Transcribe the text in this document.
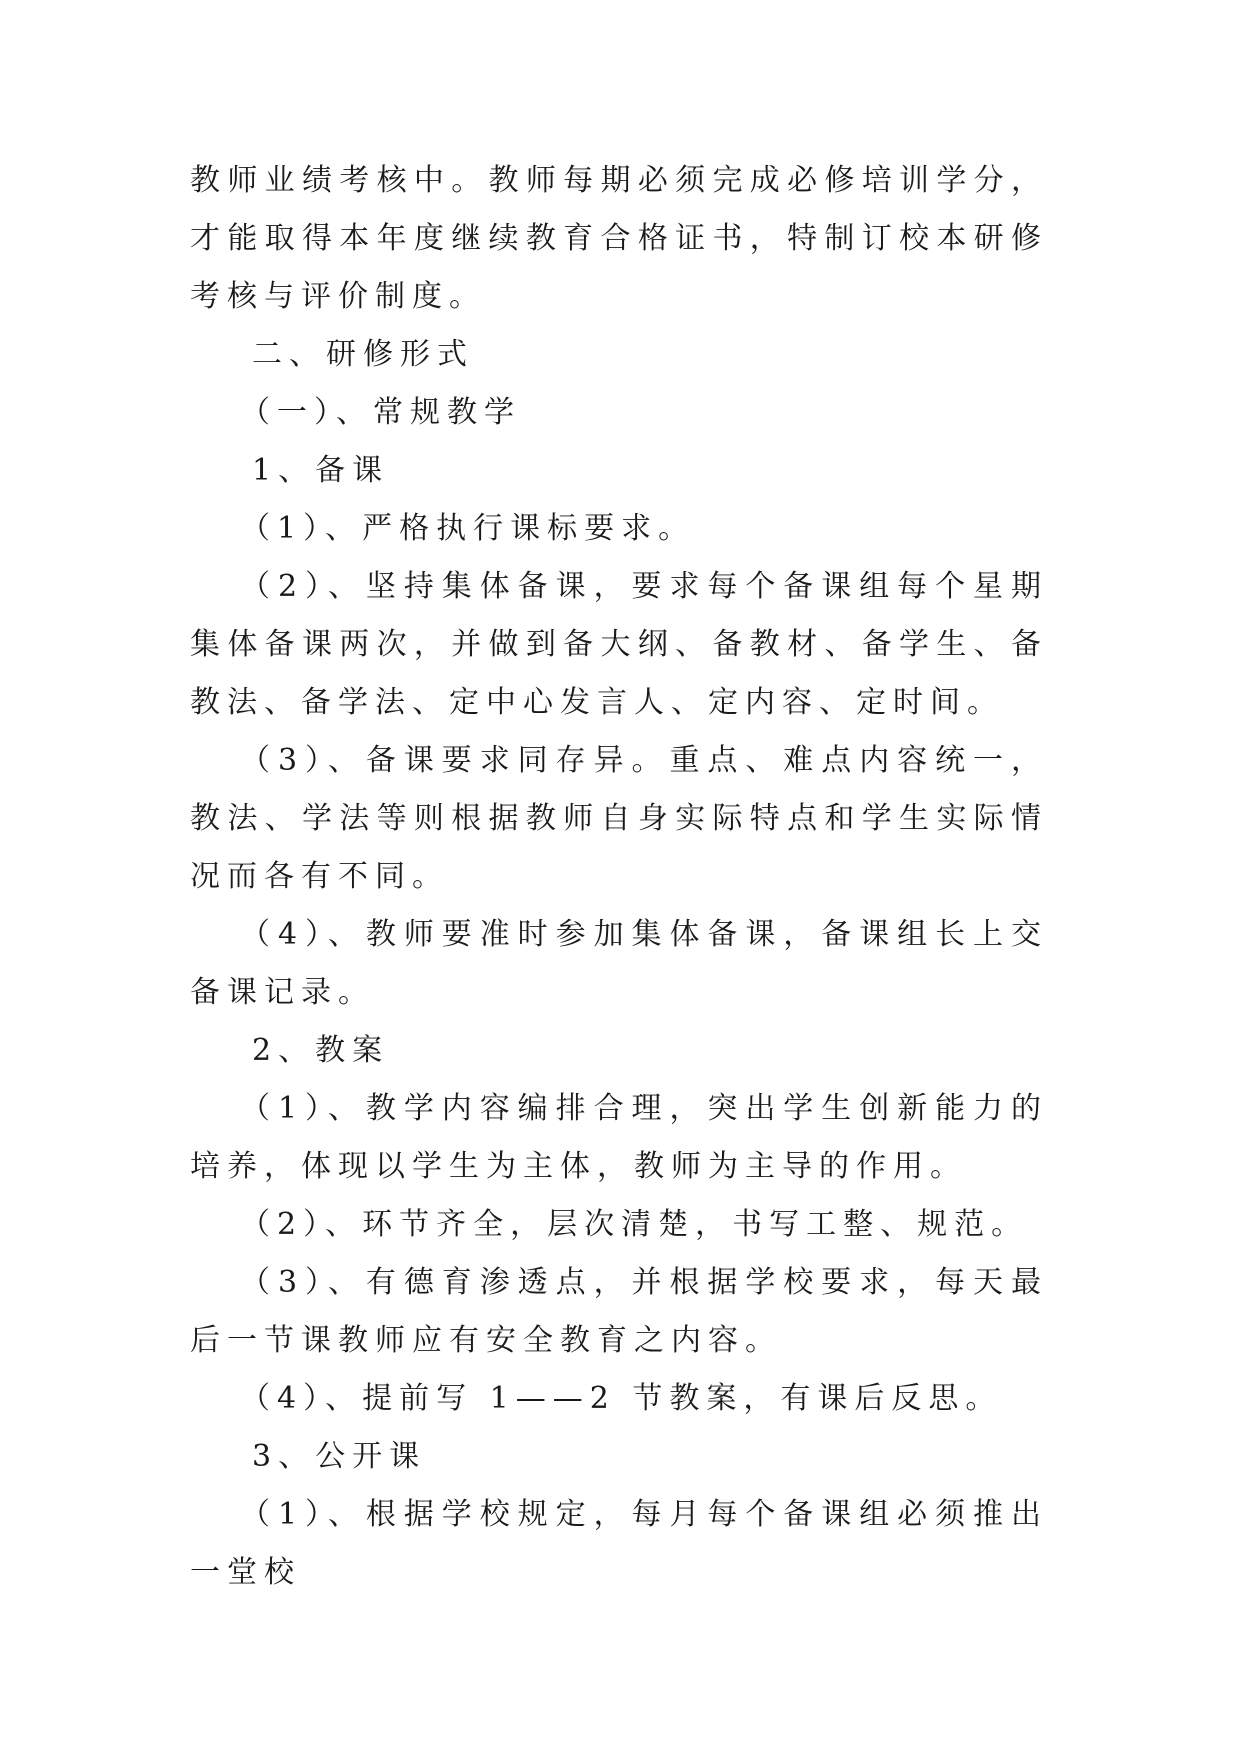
教师业绩考核中。教师每期必须完成必修培训学分，才能取得本年度继续教育合格证书，特制订校本研修考核与评价制度。

二、研修形式

（一）、常规教学

1、备课

（1）、严格执行课标要求。

（2）、坚持集体备课，要求每个备课组每个星期集体备课两次，并做到备大纲、备教材、备学生、备教法、备学法、定中心发言人、定内容、定时间。

（3）、备课要求同存异。重点、难点内容统一，教法、学法等则根据教师自身实际特点和学生实际情况而各有不同。

（4）、教师要准时参加集体备课，备课组长上交备课记录。

2、教案

（1）、教学内容编排合理，突出学生创新能力的培养，体现以学生为主体，教师为主导的作用。

（2）、环节齐全，层次清楚，书写工整、规范。

（3）、有德育渗透点，并根据学校要求，每天最后一节课教师应有安全教育之内容。

（4）、提前写 1——2 节教案，有课后反思。

3、公开课

（1）、根据学校规定，每月每个备课组必须推出一堂校
